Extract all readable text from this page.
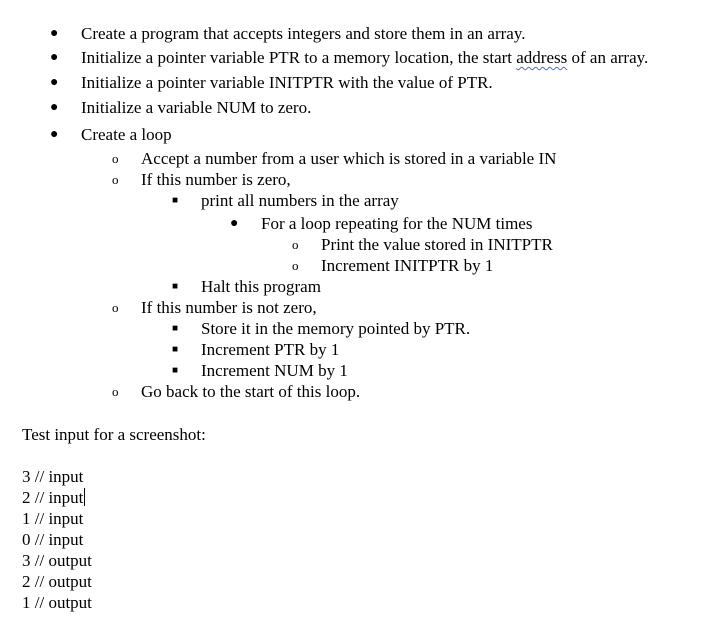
● Create a program that accepts integers and store them in an array.
● Initialize a pointer variable PTR to a memory location, the start address of an array.
● Initialize a pointer variable INITPTR with the value of PTR.
● Initialize a variable NUM to zero.
● Create a loop
o Accept a number from a user which is stored in a variable IN
o If this number is zero,
■ print all numbers in the array
● For a loop repeating for the NUM times
o Print the value stored in INITPTR
o Increment INITPTR by 1
■ Halt this program
o If this number is not zero,
■ Store it in the memory pointed by PTR.
■ Increment PTR by 1
■ Increment NUM by 1
o Go back to the start of this loop.
Test input for a screenshot:
3 // input
2 // input
1 // input
0 // input
3 // output
2 // output
1 // output
